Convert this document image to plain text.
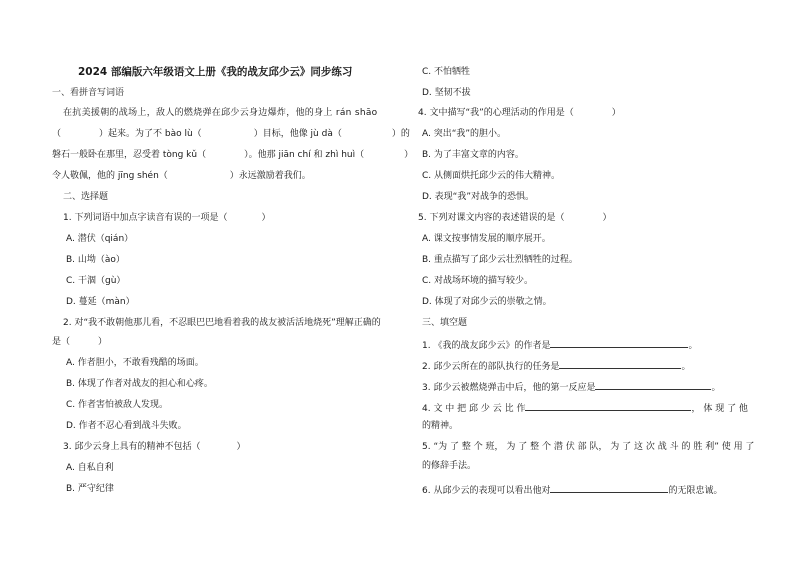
2024 部编版六年级语文上册《我的战友邱少云》同步练习
一、看拼音写词语
在抗美援朝的战场上，敌人的燃烧弹在邱少云身边爆炸，他的身上 rán shāo
（	）起来。为了不 bào lù（	）目标，他像 jù dà（	）的
磐石一般卧在那里，忍受着 tòng kǔ（	）。他那 jiān chí 和 zhì huì（	）
令人敬佩，他的 jīng shén（	）永远激励着我们。
二、选择题
1. 下列词语中加点字读音有误的一项是（	）
A. 潜伏（qián）
B. 山坳（ào）
C. 干涸（gù）
D. 蔓延（màn）
2. 对“我不敢朝他那儿看，不忍眼巴巴地看着我的战友被活活地烧死”理解正确的
是（	）
A. 作者胆小，不敢看残酷的场面。
B. 体现了作者对战友的担心和心疼。
C. 作者害怕被敌人发现。
D. 作者不忍心看到战斗失败。
3. 邱少云身上具有的精神不包括（	）
A. 自私自利
B. 严守纪律
C. 不怕牺牲
D. 坚韧不拔
4. 文中描写“我”的心理活动的作用是（	）
A. 突出“我”的胆小。
B. 为了丰富文章的内容。
C. 从侧面烘托邱少云的伟大精神。
D. 表现“我”对战争的恐惧。
5. 下列对课文内容的表述错误的是（	）
A. 课文按事情发展的顺序展开。
B. 重点描写了邱少云壮烈牺牲的过程。
C. 对战场环境的描写较少。
D. 体现了对邱少云的崇敬之情。
三、填空题
1. 《我的战友邱少云》的作者是	。
2. 邱少云所在的部队执行的任务是	。
3. 邱少云被燃烧弹击中后，他的第一反应是	。
4. 文 中 把 邱 少 云 比 作	， 体 现 了 他
的精神。
5. “为 了 整 个 班， 为 了 整 个 潜 伏 部 队， 为 了 这 次 战 斗 的 胜 利” 使 用 了
的修辞手法。
6. 从邱少云的表现可以看出他对	的无限忠诚。
